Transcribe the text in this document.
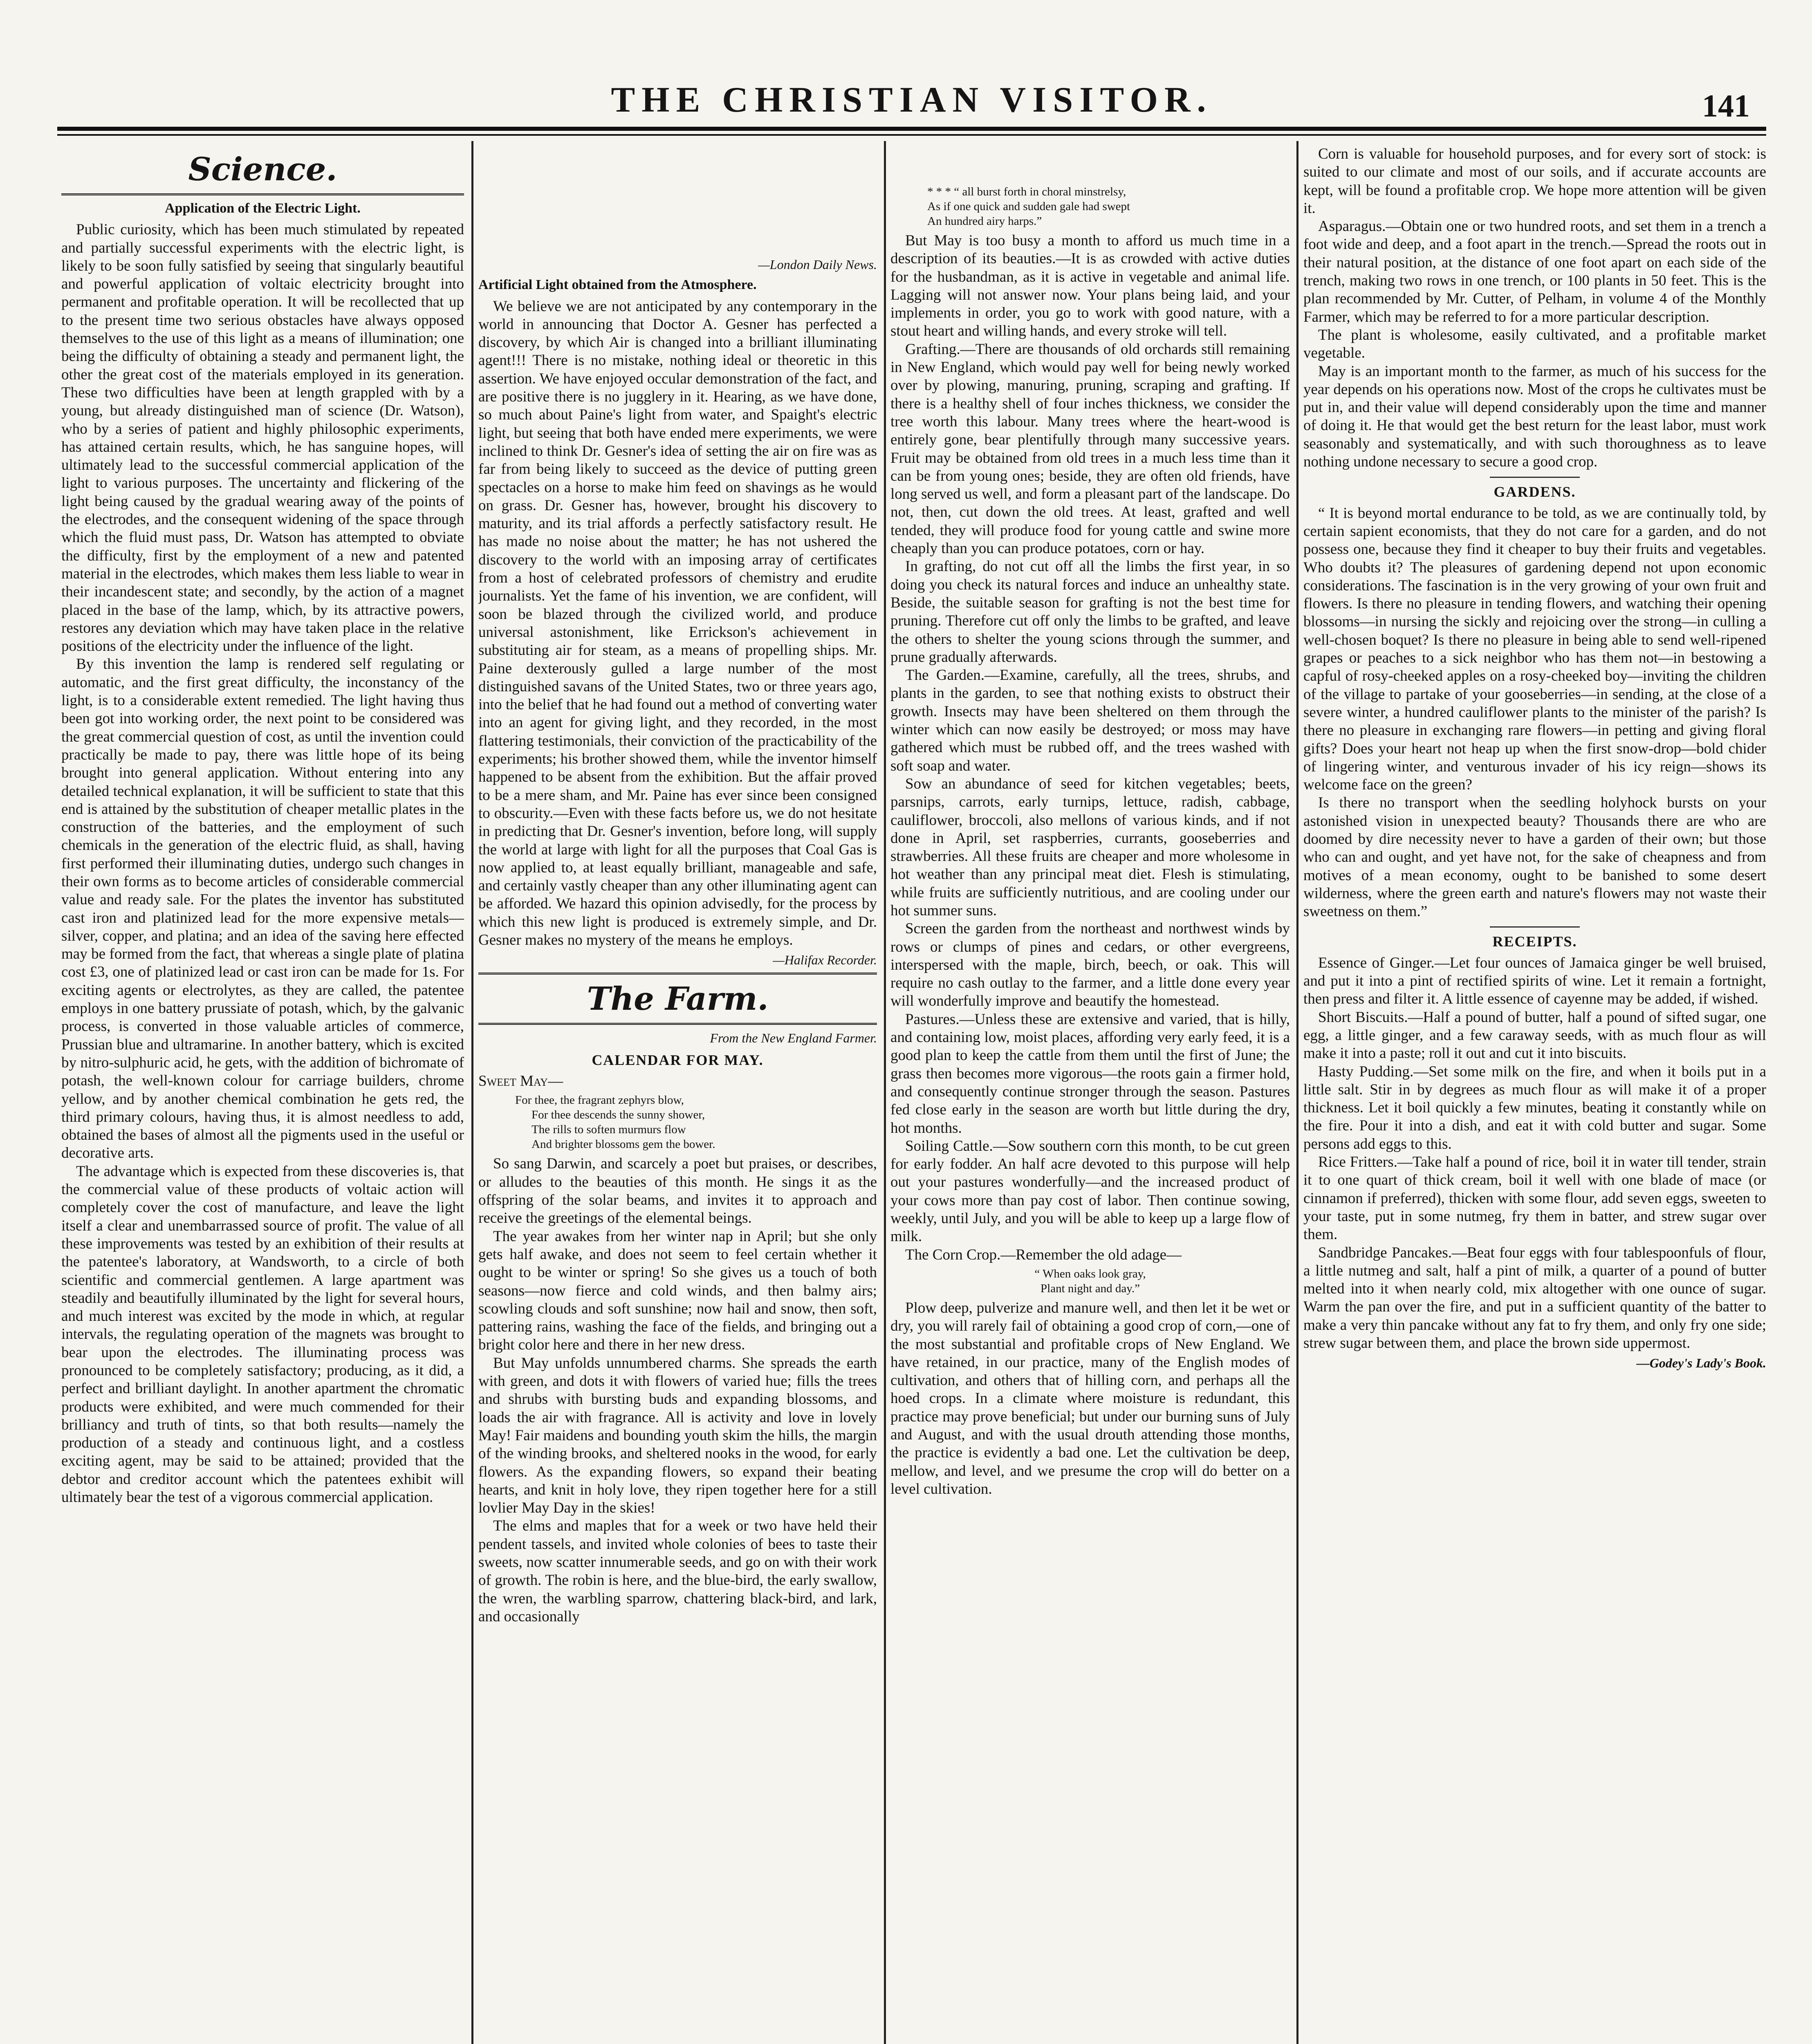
THE CHRISTIAN VISITOR.	141
Science.
Application of the Electric Light.

Public curiosity, which has been much stimulated by repeated and partially successful experiments with the electric light, is likely to be soon fully satisfied by seeing that singularly beautiful and powerful application of voltaic electricity brought into permanent and profitable operation. It will be recollected that up to the present time two serious obstacles have always opposed themselves to the use of this light as a means of illumination; one being the difficulty of obtaining a steady and permanent light, the other the great cost of the materials employed in its generation. These two difficulties have been at length grappled with by a young, but already distinguished man of science (Dr. Watson), who by a series of patient and highly philosophic experiments, has attained certain results, which, he has sanguine hopes, will ultimately lead to the successful commercial application of the light to various purposes. The uncertainty and flickering of the light being caused by the gradual wearing away of the points of the electrodes, and the consequent widening of the space through which the fluid must pass, Dr. Watson has attempted to obviate the difficulty, first by the employment of a new and patented material in the electrodes, which makes them less liable to wear in their incandescent state; and secondly, by the action of a magnet placed in the base of the lamp, which, by its attractive powers, restores any deviation which may have taken place in the relative positions of the electricity under the influence of the light.

By this invention the lamp is rendered self regulating or automatic, and the first great difficulty, the inconstancy of the light, is to a considerable extent remedied. The light having thus been got into working order, the next point to be considered was the great commercial question of cost, as until the invention could practically be made to pay, there was little hope of its being brought into general application. Without entering into any detailed technical explanation, it will be sufficient to state that this end is attained by the substitution of cheaper metallic plates in the construction of the batteries, and the employment of such chemicals in the generation of the electric fluid, as shall, having first performed their illuminating duties, undergo such changes in their own forms as to become articles of considerable commercial value and ready sale. For the plates the inventor has substituted cast iron and platinized lead for the more expensive metals—silver, copper, and platina; and an idea of the saving here effected may be formed from the fact, that whereas a single plate of platina cost £3, one of platinized lead or cast iron can be made for 1s. For exciting agents or electrolytes, as they are called, the patentee employs in one battery prussiate of potash, which, by the galvanic process, is converted in those valuable articles of commerce, Prussian blue and ultramarine. In another battery, which is excited by nitro-sulphuric acid, he gets, with the addition of bichromate of potash, the well-known colour for carriage builders, chrome yellow, and by another chemical combination he gets red, the third primary colours, having thus, it is almost needless to add, obtained the bases of almost all the pigments used in the useful or decorative arts.

The advantage which is expected from these discoveries is, that the commercial value of these products of voltaic action will completely cover the cost of manufacture, and leave the light itself a clear and unembarrassed source of profit. The value of all these improvements was tested by an exhibition of their results at the patentee's laboratory, at Wandsworth, to a circle of both scientific and commercial gentlemen. A large apartment was steadily and beautifully illuminated by the light for several hours, and much interest was excited by the mode in which, at regular intervals, the regulating operation of the magnets was brought to bear upon the electrodes. The illuminating process was pronounced to be completely satisfactory; producing, as it did, a perfect and brilliant daylight. In another apartment the chromatic products were exhibited, and were much commended for their brilliancy and truth of tints, so that both results—namely the production of a steady and continuous light, and a costless exciting agent, may be said to be attained; provided that the debtor and creditor account which the patentees exhibit will ultimately bear the test of a vigorous commercial application.

—London Daily News.
Artificial Light obtained from the Atmosphere.

We believe we are not anticipated by any contemporary in the world in announcing that Doctor A. Gesner has perfected a discovery, by which Air is changed into a brilliant illuminating agent!!! There is no mistake, nothing ideal or theoretic in this assertion. We have enjoyed occular demonstration of the fact, and are positive there is no jugglery in it. Hearing, as we have done, so much about Paine's light from water, and Spaight's electric light, but seeing that both have ended mere experiments, we were inclined to think Dr. Gesner's idea of setting the air on fire was as far from being likely to succeed as the device of putting green spectacles on a horse to make him feed on shavings as he would on grass. Dr. Gesner has, however, brought his discovery to maturity, and its trial affords a perfectly satisfactory result. He has made no noise about the matter; he has not ushered the discovery to the world with an imposing array of certificates from a host of celebrated professors of chemistry and erudite journalists. Yet the fame of his invention, we are confident, will soon be blazed through the civilized world, and produce universal astonishment, like Errickson's achievement in substituting air for steam, as a means of propelling ships. Mr. Paine dexterously gulled a large number of the most distinguished savans of the United States, two or three years ago, into the belief that he had found out a method of converting water into an agent for giving light, and they recorded, in the most flattering testimonials, their conviction of the practicability of the experiments; his brother showed them, while the inventor himself happened to be absent from the exhibition. But the affair proved to be a mere sham, and Mr. Paine has ever since been consigned to obscurity.—Even with these facts before us, we do not hesitate in predicting that Dr. Gesner's invention, before long, will supply the world at large with light for all the purposes that Coal Gas is now applied to, at least equally brilliant, manageable and safe, and certainly vastly cheaper than any other illuminating agent can be afforded. We hazard this opinion advisedly, for the process by which this new light is produced is extremely simple, and Dr. Gesner makes no mystery of the means he employs.

—Halifax Recorder.
The Farm.
From the New England Farmer.
CALENDAR FOR MAY.

Sweet May—

For thee, the fragrant zephyrs blow,
For thee descends the sunny shower,
The rills to soften murmurs flow
And brighter blossoms gem the bower.

So sang Darwin, and scarcely a poet but praises, or describes, or alludes to the beauties of this month. He sings it as the offspring of the solar beams, and invites it to approach and receive the greetings of the elemental beings.

The year awakes from her winter nap in April; but she only gets half awake, and does not seem to feel certain whether it ought to be winter or spring! So she gives us a touch of both seasons—now fierce and cold winds, and then balmy airs; scowling clouds and soft sunshine; now hail and snow, then soft, pattering rains, washing the face of the fields, and bringing out a bright color here and there in her new dress.

But May unfolds unnumbered charms. She spreads the earth with green, and dots it with flowers of varied hue; fills the trees and shrubs with bursting buds and expanding blossoms, and loads the air with fragrance. All is activity and love in lovely May! Fair maidens and bounding youth skim the hills, the margin of the winding brooks, and sheltered nooks in the wood, for early flowers. As the expanding flowers, so expand their beating hearts, and knit in holy love, they ripen together here for a still lovlier May Day in the skies!

The elms and maples that for a week or two have held their pendent tassels, and invited whole colonies of bees to taste their sweets, now scatter innumerable seeds, and go on with their work of growth. The robin is here, and the blue-bird, the early swallow, the wren, the warbling sparrow, chattering black-bird, and lark, and occasionally

* * * “ all burst forth in choral minstrelsy,
As if one quick and sudden gale had swept
An hundred airy harps.”

But May is too busy a month to afford us much time in a description of its beauties.—It is as crowded with active duties for the husbandman, as it is active in vegetable and animal life. Lagging will not answer now. Your plans being laid, and your implements in order, you go to work with good nature, with a stout heart and willing hands, and every stroke will tell.

Grafting.—There are thousands of old orchards still remaining in New England, which would pay well for being newly worked over by plowing, manuring, pruning, scraping and grafting. If there is a healthy shell of four inches thickness, we consider the tree worth this labour. Many trees where the heart-wood is entirely gone, bear plentifully through many successive years. Fruit may be obtained from old trees in a much less time than it can be from young ones; beside, they are often old friends, have long served us well, and form a pleasant part of the landscape. Do not, then, cut down the old trees. At least, grafted and well tended, they will produce food for young cattle and swine more cheaply than you can produce potatoes, corn or hay.

In grafting, do not cut off all the limbs the first year, in so doing you check its natural forces and induce an unhealthy state. Beside, the suitable season for grafting is not the best time for pruning. Therefore cut off only the limbs to be grafted, and leave the others to shelter the young scions through the summer, and prune gradually afterwards.

The Garden.—Examine, carefully, all the trees, shrubs, and plants in the garden, to see that nothing exists to obstruct their growth. Insects may have been sheltered on them through the winter which can now easily be destroyed; or moss may have gathered which must be rubbed off, and the trees washed with soft soap and water.

Sow an abundance of seed for kitchen vegetables; beets, parsnips, carrots, early turnips, lettuce, radish, cabbage, cauliflower, broccoli, also mellons of various kinds, and if not done in April, set raspberries, currants, gooseberries and strawberries. All these fruits are cheaper and more wholesome in hot weather than any principal meat diet. Flesh is stimulating, while fruits are sufficiently nutritious, and are cooling under our hot summer suns.

Screen the garden from the northeast and northwest winds by rows or clumps of pines and cedars, or other evergreens, interspersed with the maple, birch, beech, or oak. This will require no cash outlay to the farmer, and a little done every year will wonderfully improve and beautify the homestead.

Pastures.—Unless these are extensive and varied, that is hilly, and containing low, moist places, affording very early feed, it is a good plan to keep the cattle from them until the first of June; the grass then becomes more vigorous—the roots gain a firmer hold, and consequently continue stronger through the season. Pastures fed close early in the season are worth but little during the dry, hot months.

Soiling Cattle.—Sow southern corn this month, to be cut green for early fodder. An half acre devoted to this purpose will help out your pastures wonderfully—and the increased product of your cows more than pay cost of labor. Then continue sowing, weekly, until July, and you will be able to keep up a large flow of milk.

The Corn Crop.—Remember the old adage—

“ When oaks look gray,
Plant night and day.”

Plow deep, pulverize and manure well, and then let it be wet or dry, you will rarely fail of obtaining a good crop of corn,—one of the most substantial and profitable crops of New England. We have retained, in our practice, many of the English modes of cultivation, and others that of hilling corn, and perhaps all the hoed crops. In a climate where moisture is redundant, this practice may prove beneficial; but under our burning suns of July and August, and with the usual drouth attending those months, the practice is evidently a bad one. Let the cultivation be deep, mellow, and level, and we presume the crop will do better on a level cultivation.

Corn is valuable for household purposes, and for every sort of stock: is suited to our climate and most of our soils, and if accurate accounts are kept, will be found a profitable crop. We hope more attention will be given it.

Asparagus.—Obtain one or two hundred roots, and set them in a trench a foot wide and deep, and a foot apart in the trench.—Spread the roots out in their natural position, at the distance of one foot apart on each side of the trench, making two rows in one trench, or 100 plants in 50 feet. This is the plan recommended by Mr. Cutter, of Pelham, in volume 4 of the Monthly Farmer, which may be referred to for a more particular description.

The plant is wholesome, easily cultivated, and a profitable market vegetable.

May is an important month to the farmer, as much of his success for the year depends on his operations now. Most of the crops he cultivates must be put in, and their value will depend considerably upon the time and manner of doing it. He that would get the best return for the least labor, must work seasonably and systematically, and with such thoroughness as to leave nothing undone necessary to secure a good crop.

GARDENS.

“ It is beyond mortal endurance to be told, as we are continually told, by certain sapient economists, that they do not care for a garden, and do not possess one, because they find it cheaper to buy their fruits and vegetables. Who doubts it? The pleasures of gardening depend not upon economic considerations. The fascination is in the very growing of your own fruit and flowers. Is there no pleasure in tending flowers, and watching their opening blossoms—in nursing the sickly and rejoicing over the strong—in culling a well-chosen boquet? Is there no pleasure in being able to send well-ripened grapes or peaches to a sick neighbor who has them not—in bestowing a capful of rosy-cheeked apples on a rosy-cheeked boy—inviting the children of the village to partake of your gooseberries—in sending, at the close of a severe winter, a hundred cauliflower plants to the minister of the parish? Is there no pleasure in exchanging rare flowers—in petting and giving floral gifts? Does your heart not heap up when the first snow-drop—bold chider of lingering winter, and venturous invader of his icy reign—shows its welcome face on the green?

Is there no transport when the seedling holyhock bursts on your astonished vision in unexpected beauty? Thousands there are who are doomed by dire necessity never to have a garden of their own; but those who can and ought, and yet have not, for the sake of cheapness and from motives of a mean economy, ought to be banished to some desert wilderness, where the green earth and nature's flowers may not waste their sweetness on them.”

RECEIPTS.

Essence of Ginger.—Let four ounces of Jamaica ginger be well bruised, and put it into a pint of rectified spirits of wine. Let it remain a fortnight, then press and filter it. A little essence of cayenne may be added, if wished.

Short Biscuits.—Half a pound of butter, half a pound of sifted sugar, one egg, a little ginger, and a few caraway seeds, with as much flour as will make it into a paste; roll it out and cut it into biscuits.

Hasty Pudding.—Set some milk on the fire, and when it boils put in a little salt. Stir in by degrees as much flour as will make it of a proper thickness. Let it boil quickly a few minutes, beating it constantly while on the fire. Pour it into a dish, and eat it with cold butter and sugar. Some persons add eggs to this.

Rice Fritters.—Take half a pound of rice, boil it in water till tender, strain it to one quart of thick cream, boil it well with one blade of mace (or cinnamon if preferred), thicken with some flour, add seven eggs, sweeten to your taste, put in some nutmeg, fry them in batter, and strew sugar over them.

Sandbridge Pancakes.—Beat four eggs with four tablespoonfuls of flour, a little nutmeg and salt, half a pint of milk, a quarter of a pound of butter melted into it when nearly cold, mix altogether with one ounce of sugar. Warm the pan over the fire, and put in a sufficient quantity of the batter to make a very thin pancake without any fat to fry them, and only fry one side; strew sugar between them, and place the brown side uppermost.

—Godey's Lady's Book.
